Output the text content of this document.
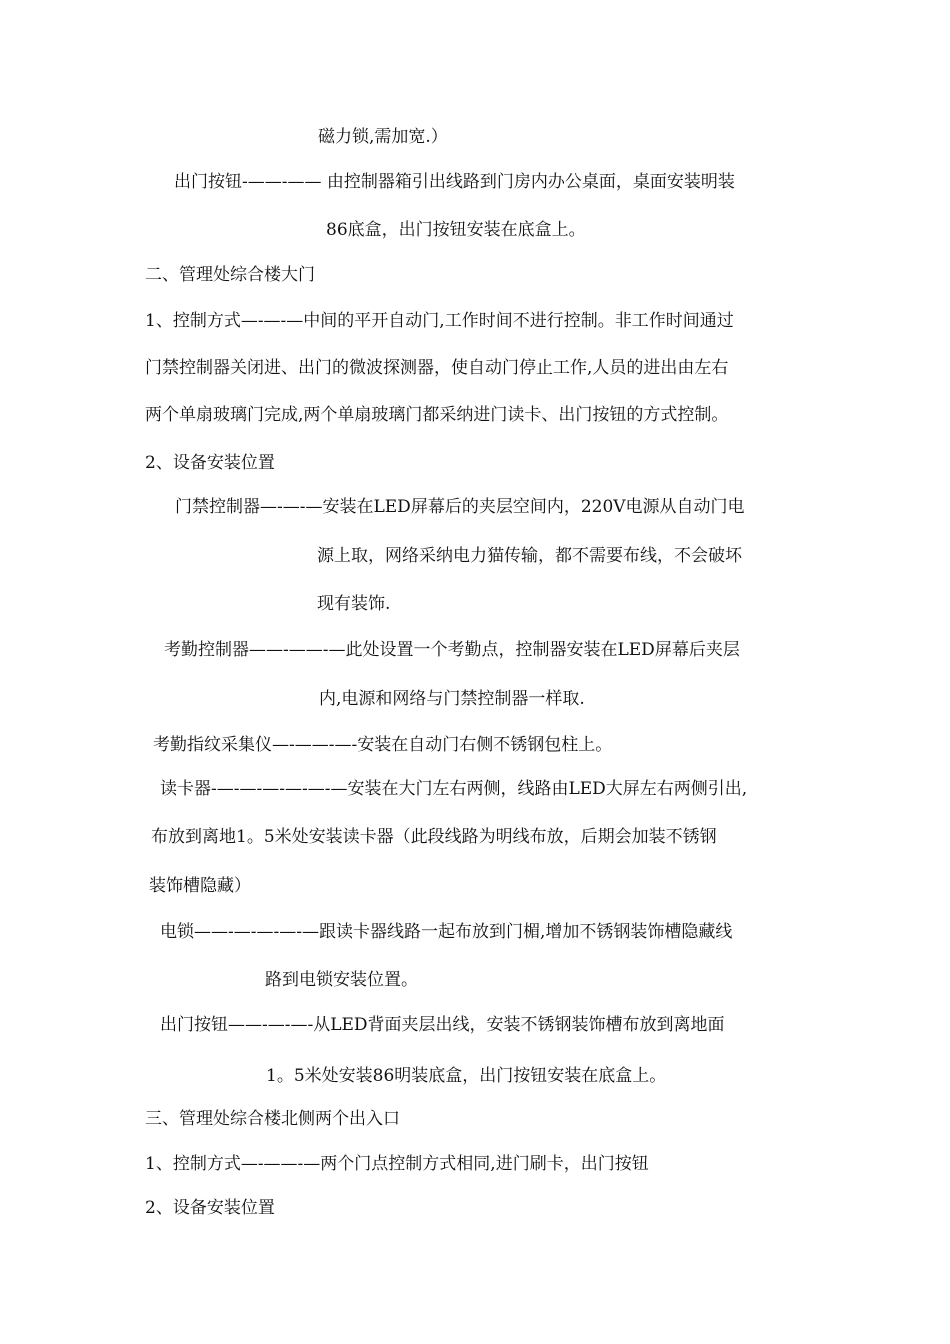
磁力锁,需加宽.）
出门按钮-——-—— 由控制器箱引出线路到门房内办公桌面，桌面安装明装
86底盒，出门按钮安装在底盒上。
二、管理处综合楼大门
1、控制方式—-—-—中间的平开自动门,工作时间不进行控制。非工作时间通过
门禁控制器关闭进、出门的微波探测器，使自动门停止工作,人员的进出由左右
两个单扇玻璃门完成,两个单扇玻璃门都采纳进门读卡、出门按钮的方式控制。
2、设备安装位置
门禁控制器—-—-—安装在LED屏幕后的夹层空间内，220V电源从自动门电
源上取，网络采纳电力猫传输，都不需要布线，不会破坏
现有装饰.
考勤控制器——-——-—此处设置一个考勤点，控制器安装在LED屏幕后夹层
内,电源和网络与门禁控制器一样取.
考勤指纹采集仪—-——-—-安装在自动门右侧不锈钢包柱上。
读卡器-—-—-—-—-—-—安装在大门左右两侧，线路由LED大屏左右两侧引出,
布放到离地1。5米处安装读卡器（此段线路为明线布放，后期会加装不锈钢
装饰槽隐藏）
电锁——-—-—-—-—跟读卡器线路一起布放到门楣,增加不锈钢装饰槽隐藏线
路到电锁安装位置。
出门按钮——-—-—-从LED背面夹层出线，安装不锈钢装饰槽布放到离地面
1。5米处安装86明装底盒，出门按钮安装在底盒上。
三、管理处综合楼北侧两个出入口
1、控制方式—-——-—两个门点控制方式相同,进门刷卡，出门按钮
2、设备安装位置
